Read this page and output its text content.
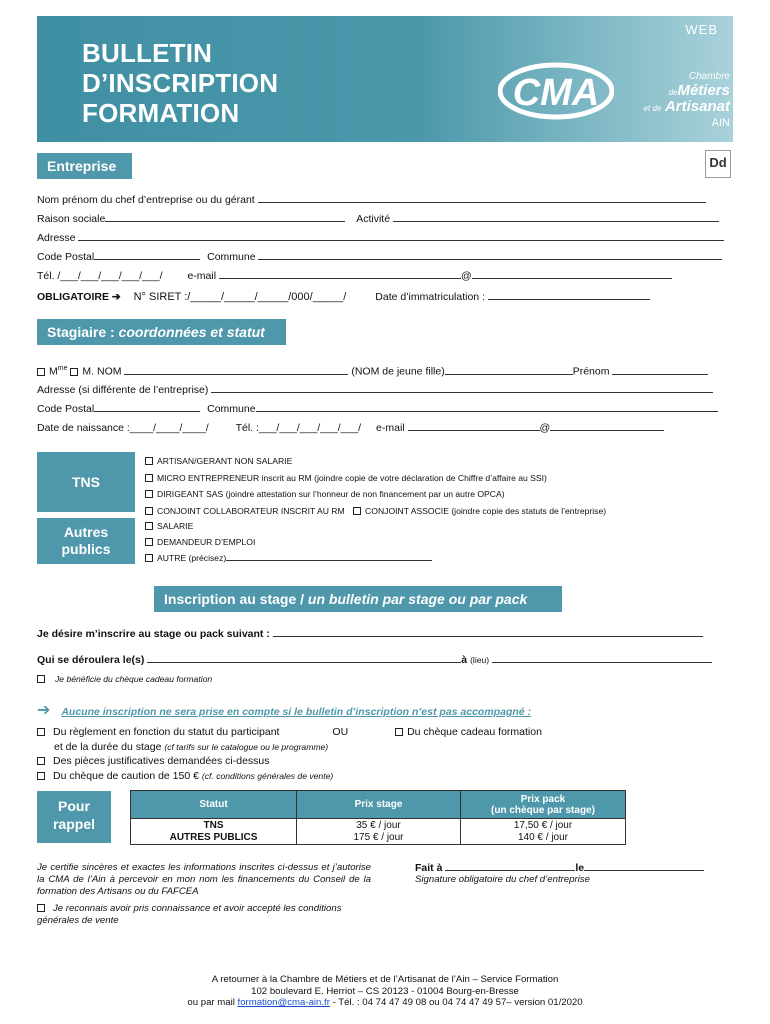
BULLETIN
D’INSCRIPTION
FORMATION
WEB
CMA	Chambre
deMétiers
et de Artisanat
AIN
Dd
Entreprise
Nom prénom du chef d’entreprise ou du gérant
Raison sociale	Activité
Adresse
Code Postal	Commune
Tél. /___/___/___/___/___/ e-mail	@
OBLIGATOIRE ➔ N° SIRET :/_____/_____/_____/000/_____/	Date d’immatriculation :
Stagiaire : coordonnées et statut
$M^{me}$ M. NOM	(NOM de jeune fille)	Prénom
Adresse (si différente de l’entreprise)
Code Postal	Commune
Date de naissance :____/____/____/	Tél. :___/___/___/___/___/ e-mail	@
TNS
ARTISAN/GERANT NON SALARIE
MICRO ENTREPRENEUR inscrit au RM (joindre copie de votre déclaration de Chiffre d’affaire au SSI)
DIRIGEANT SAS (joindre attestation sur l’honneur de non financement par un autre OPCA)
CONJOINT COLLABORATEUR INSCRIT AU RM CONJOINT ASSOCIE (joindre copie des statuts de l’entreprise)
Autres
publics
SALARIE
DEMANDEUR D’EMPLOI
AUTRE (précisez)
Inscription au stage / un bulletin par stage ou par pack
Je désire m’inscrire au stage ou pack suivant :
Qui se déroulera le(s)	à (lieu)
Je bénéficie du chèque cadeau formation
➔ Aucune inscription ne sera prise en compte si le bulletin d’inscription n’est pas accompagné :
Du règlement en fonction du statut du participant	OU	Du chèque cadeau formation
et de la durée du stage (cf tarifs sur le catalogue ou le programme)
Des pièces justificatives demandées ci-dessus
Du chèque de caution de 150 € (cf. conditions générales de vente)
Pour
rappel
Statut	Prix stage	Prix pack
(un chèque par stage)

TNS	35 € / jour	17,50 € / jour
AUTRES PUBLICS	175 € / jour	140 € / jour
Je certifie sincères et exactes les informations inscrites ci-dessus et j’autorise la CMA de l’Ain à percevoir en mon nom les financements du Conseil de la formation des Artisans ou du FAFCEA
Fait à	le
Signature obligatoire du chef d’entreprise
Je reconnais avoir pris connaissance et avoir accepté les conditions générales de vente
A retourner à la Chambre de Métiers et de l’Artisanat de l’Ain – Service Formation
102 boulevard E. Herriot – CS 20123 - 01004 Bourg-en-Bresse
ou par mail formation@cma-ain.fr - Tél. : 04 74 47 49 08 ou 04 74 47 49 57– version 01/2020
